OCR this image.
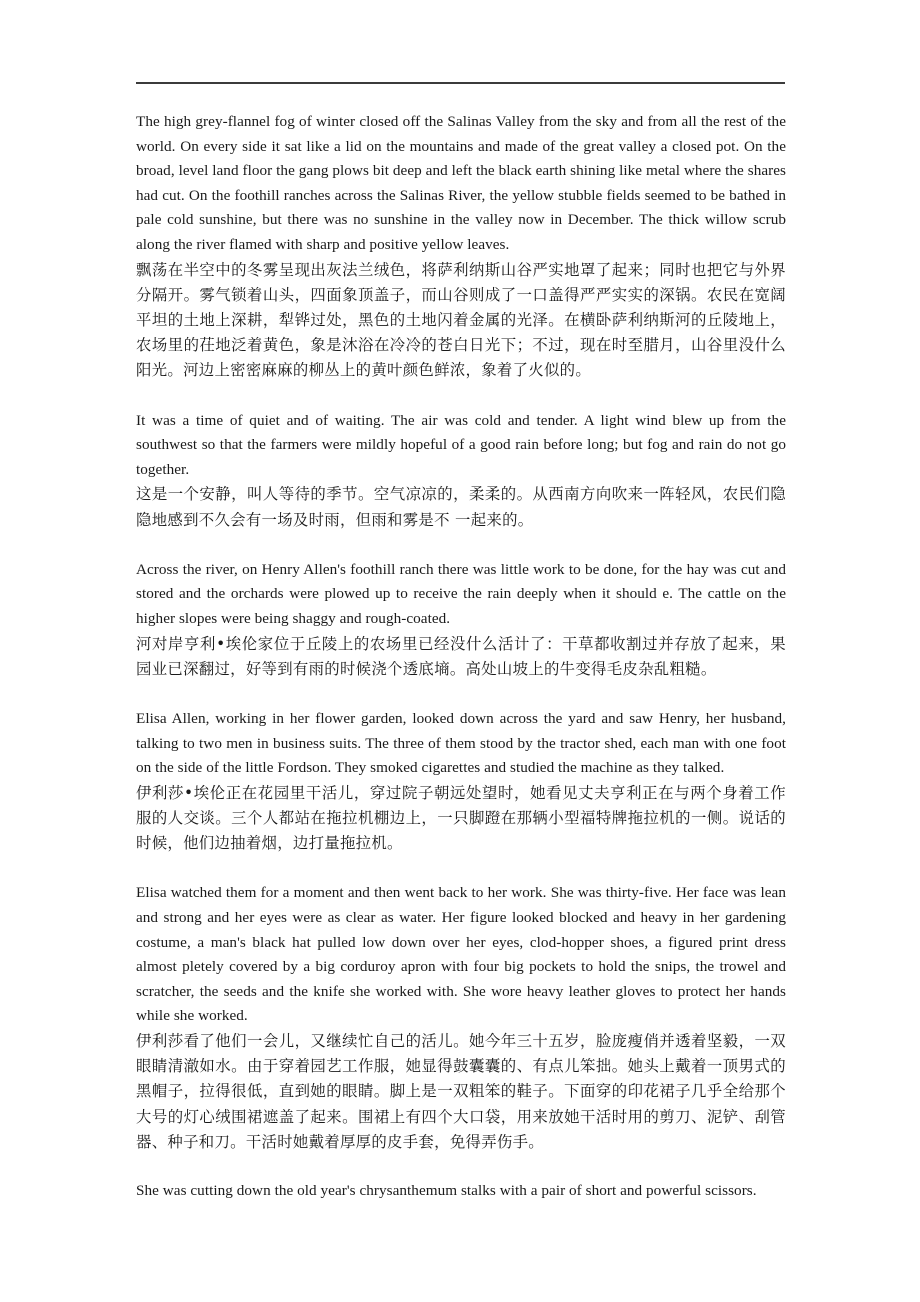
The high grey-flannel fog of winter closed off the Salinas Valley from the sky and from all the rest of the world. On every side it sat like a lid on the mountains and made of the great valley a closed pot. On the broad, level land floor the gang plows bit deep and left the black earth shining like metal where the shares had cut. On the foothill ranches across the Salinas River, the yellow stubble fields seemed to be bathed in pale cold sunshine, but there was no sunshine in the valley now in December. The thick willow scrub along the river flamed with sharp and positive yellow leaves.

飘荡在半空中的冬雾呈现出灰法兰绒色，将萨利纳斯山谷严实地罩了起来；同时也把它与外界分隔开。雾气锁着山头，四面象顶盖子，而山谷则成了一口盖得严严实实的深锅。农民在宽阔平坦的土地上深耕，犁铧过处，黑色的土地闪着金属的光泽。在横卧萨利纳斯河的丘陵地上，农场里的茌地泛着黄色，象是沐浴在冷冷的苍白日光下；不过，现在时至腊月，山谷里没什么阳光。河边上密密麻麻的柳丛上的黄叶颜色鲜浓，象着了火似的。

It was a time of quiet and of waiting. The air was cold and tender. A light wind blew up from the southwest so that the farmers were mildly hopeful of a good rain before long; but fog and rain do not go together.

这是一个安静，叫人等待的季节。空气凉凉的，柔柔的。从西南方向吹来一阵轻风，农民们隐隐地感到不久会有一场及时雨，但雨和雾是不 一起来的。

Across the river, on Henry Allen's foothill ranch there was little work to be done, for the hay was cut and stored and the orchards were plowed up to receive the rain deeply when it should e. The cattle on the higher slopes were being shaggy and rough-coated.

河对岸亨利•埃伦家位于丘陵上的农场里已经没什么活计了：干草都收割过并存放了起来，果园业已深翻过，好等到有雨的时候浇个透底墒。高处山坡上的牛变得毛皮杂乱粗糙。

Elisa Allen, working in her flower garden, looked down across the yard and saw Henry, her husband, talking to two men in business suits. The three of them stood by the tractor shed, each man with one foot on the side of the little Fordson. They smoked cigarettes and studied the machine as they talked.

伊利莎•埃伦正在花园里干活儿，穿过院子朝远处望时，她看见丈夫亨利正在与两个身着工作服的人交谈。三个人都站在拖拉机棚边上，一只脚蹬在那辆小型福特牌拖拉机的一侧。说话的时候，他们边抽着烟，边打量拖拉机。

Elisa watched them for a moment and then went back to her work. She was thirty-five. Her face was lean and strong and her eyes were as clear as water. Her figure looked blocked and heavy in her gardening costume, a man's black hat pulled low down over her eyes, clod-hopper shoes, a figured print dress almost pletely covered by a big corduroy apron with four big pockets to hold the snips, the trowel and scratcher, the seeds and the knife she worked with. She wore heavy leather gloves to protect her hands while she worked.

伊利莎看了他们一会儿，又继续忙自己的活儿。她今年三十五岁，脸庞瘦俏并透着坚毅，一双眼睛清澈如水。由于穿着园艺工作服，她显得鼓囊囊的、有点儿笨拙。她头上戴着一顶男式的黑帽子，拉得很低，直到她的眼睛。脚上是一双粗笨的鞋子。下面穿的印花裙子几乎全给那个大号的灯心绒围裙遮盖了起来。围裙上有四个大口袋，用来放她干活时用的剪刀、泥铲、刮管器、种子和刀。干活时她戴着厚厚的皮手套，免得弄伤手。

She was cutting down the old year's chrysanthemum stalks with a pair of short and powerful scissors.
